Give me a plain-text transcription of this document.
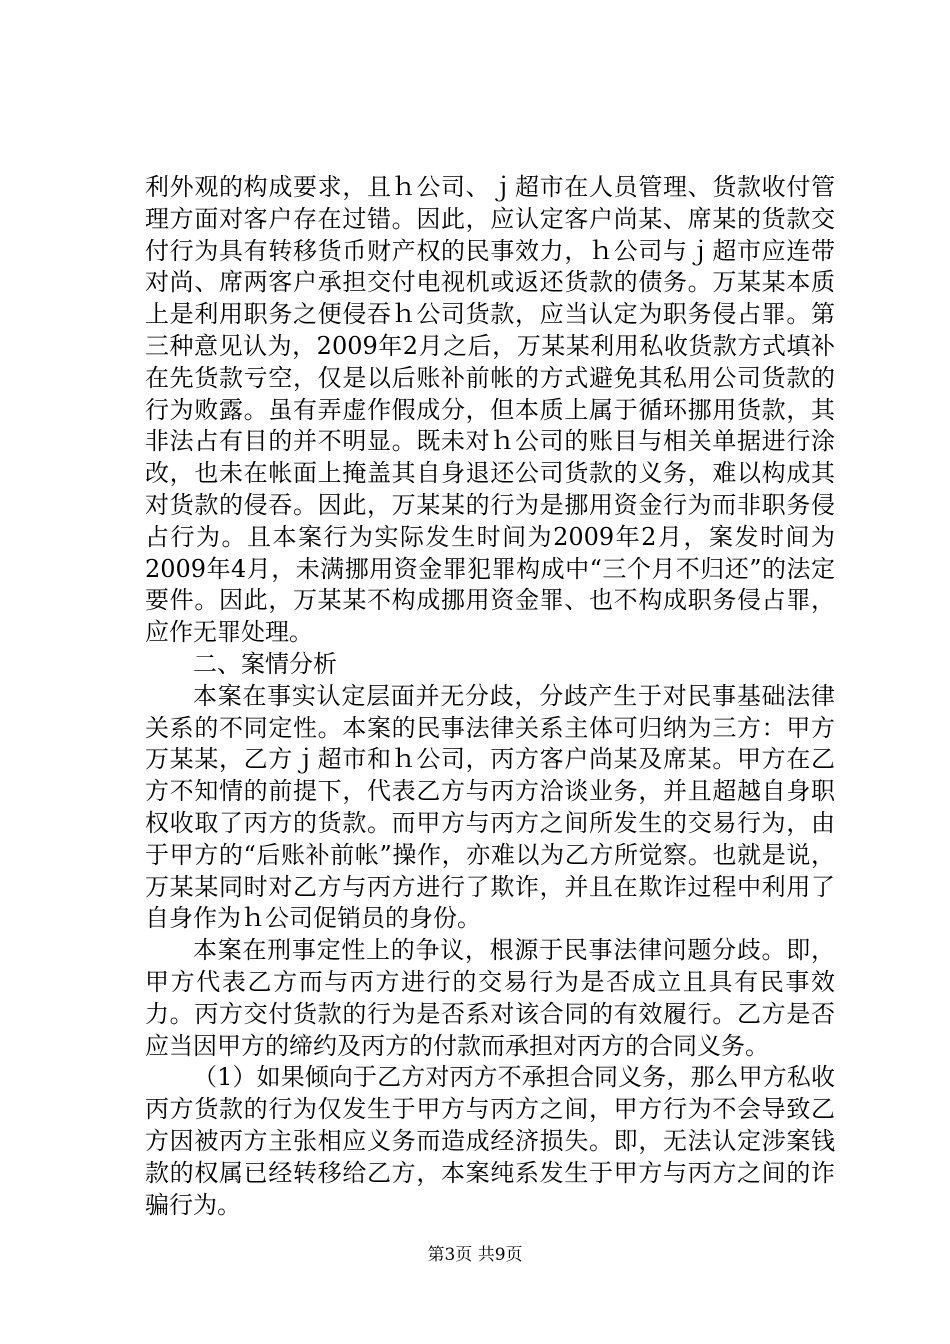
利外观的构成要求，且ｈ公司、ｊ超市在人员管理、货款收付管理方面对客户存在过错。因此，应认定客户尚某、席某的货款交付行为具有转移货币财产权的民事效力，ｈ公司与ｊ超市应连带对尚、席两客户承担交付电视机或返还货款的债务。万某某本质上是利用职务之便侵吞ｈ公司货款，应当认定为职务侵占罪。第三种意见认为，2009年2月之后，万某某利用私收货款方式填补在先货款亏空，仅是以后账补前帐的方式避免其私用公司货款的行为败露。虽有弄虚作假成分，但本质上属于循环挪用货款，其非法占有目的并不明显。既未对ｈ公司的账目与相关单据进行涂改，也未在帐面上掩盖其自身退还公司货款的义务，难以构成其对货款的侵吞。因此，万某某的行为是挪用资金行为而非职务侵占行为。且本案行为实际发生时间为2009年2月，案发时间为2009年4月，未满挪用资金罪犯罪构成中“三个月不归还”的法定要件。因此，万某某不构成挪用资金罪、也不构成职务侵占罪，应作无罪处理。

二、案情分析

本案在事实认定层面并无分歧，分歧产生于对民事基础法律关系的不同定性。本案的民事法律关系主体可归纳为三方：甲方万某某，乙方ｊ超市和ｈ公司，丙方客户尚某及席某。甲方在乙方不知情的前提下，代表乙方与丙方洽谈业务，并且超越自身职权收取了丙方的货款。而甲方与丙方之间所发生的交易行为，由于甲方的“后账补前帐”操作，亦难以为乙方所觉察。也就是说，万某某同时对乙方与丙方进行了欺诈，并且在欺诈过程中利用了自身作为ｈ公司促销员的身份。

本案在刑事定性上的争议，根源于民事法律问题分歧。即，甲方代表乙方而与丙方进行的交易行为是否成立且具有民事效力。丙方交付货款的行为是否系对该合同的有效履行。乙方是否应当因甲方的缔约及丙方的付款而承担对丙方的合同义务。

（1）如果倾向于乙方对丙方不承担合同义务，那么甲方私收丙方货款的行为仅发生于甲方与丙方之间，甲方行为不会导致乙方因被丙方主张相应义务而造成经济损失。即，无法认定涉案钱款的权属已经转移给乙方，本案纯系发生于甲方与丙方之间的诈骗行为。

第3页 共9页
